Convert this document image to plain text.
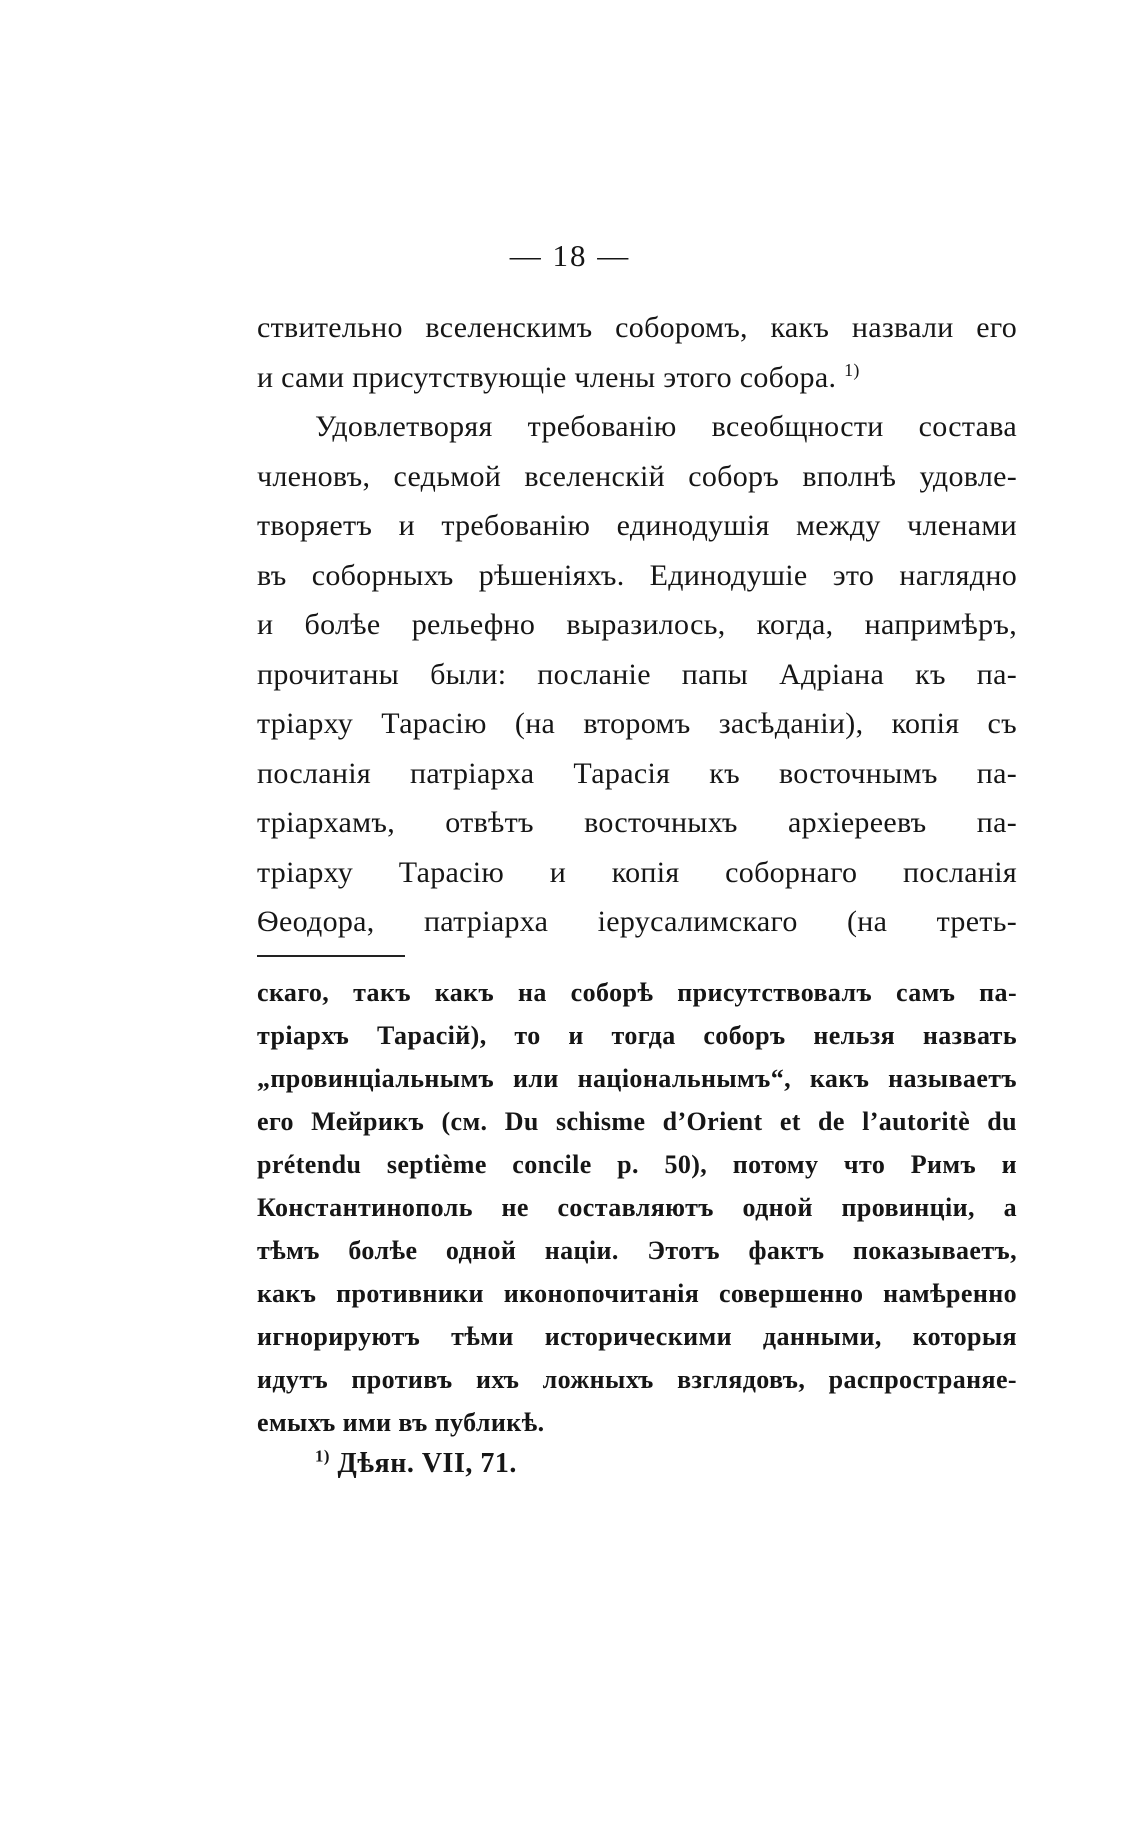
— 18 —
ствительно вселенскимъ соборомъ, какъ назвали его
и сами присутствующіе члены этого собора. $^{1)}$
Удовлетворяя требованію всеобщности состава
членовъ, седьмой вселенскій соборъ вполнѣ удовле-
творяетъ и требованію единодушія между членами
въ соборныхъ рѣшеніяхъ. Единодушіе это наглядно
и болѣе рельефно выразилось, когда, напримѣръ,
прочитаны были: посланіе папы Адріана къ па-
тріарху Тарасію (на второмъ засѣданіи), копія съ
посланія патріарха Тарасія къ восточнымъ па-
тріархамъ, отвѣтъ восточныхъ архіереевъ па-
тріарху Тарасію и копія соборнаго посланія
Ѳеодора, патріарха іерусалимскаго (на треть-
скаго, такъ какъ на соборѣ присутствовалъ самъ па-
тріархъ Тарасій), то и тогда соборъ нельзя назвать
„провинціальнымъ или національнымъ“, какъ называетъ
его Мейрикъ (см. Du schisme d’Orient et de l’autoritè du
prétendu septième concile p. 50), потому что Римъ и
Константинополь не составляютъ одной провинціи, а
тѣмъ болѣе одной націи. Этотъ фактъ показываетъ,
какъ противники иконопочитанія совершенно намѣренно
игнорируютъ тѣми историческими данными, которыя
идутъ противъ ихъ ложныхъ взглядовъ, распространяе-
емыхъ ими въ публикѣ.
$^{1)}$ Дѣян. VII, 71.
